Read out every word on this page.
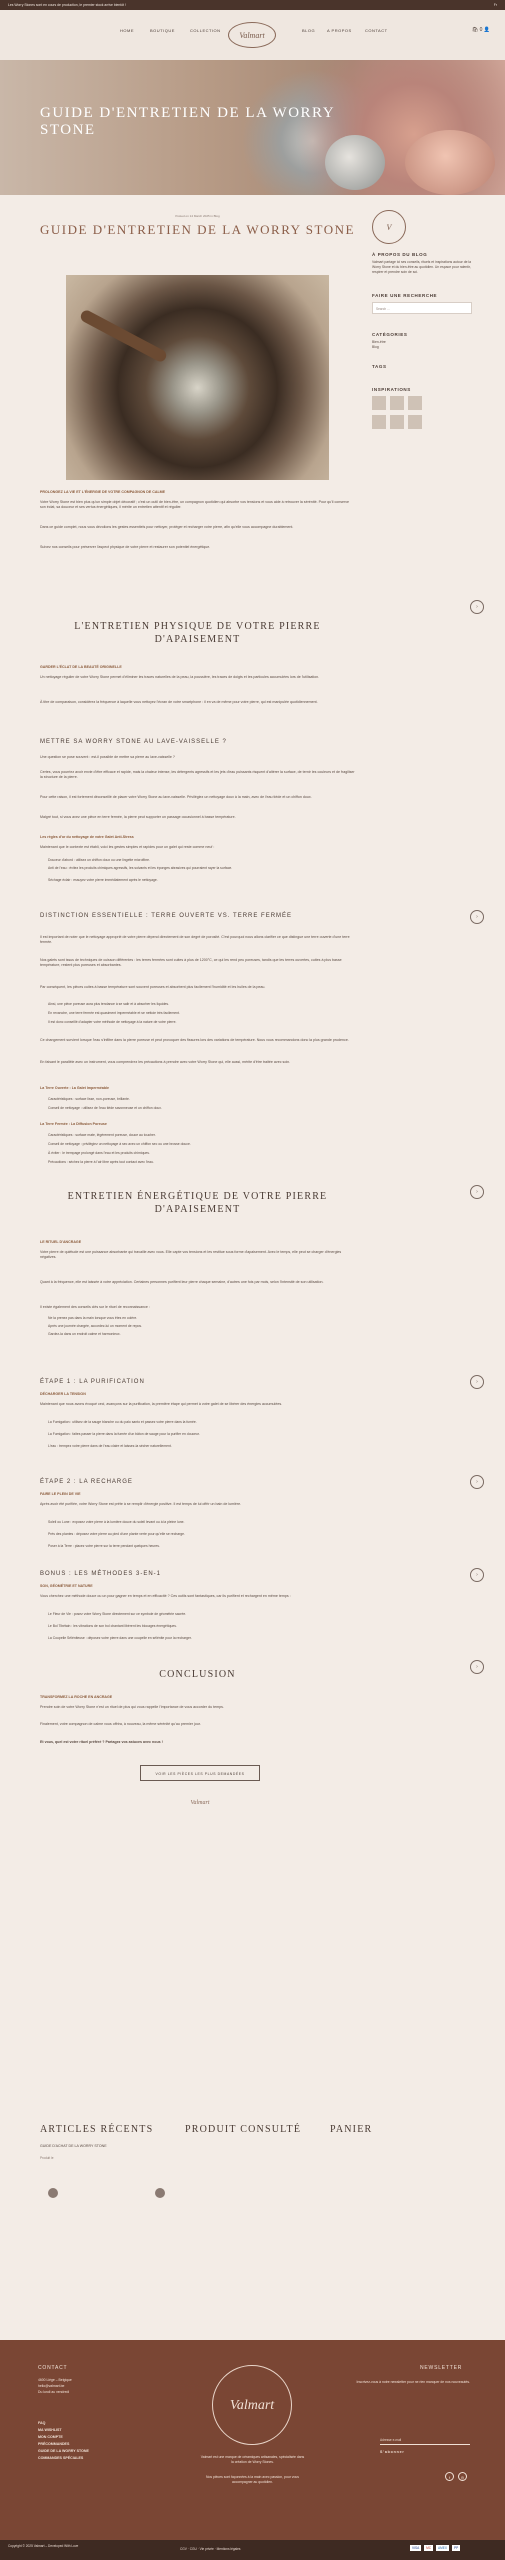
Les Worry Stones sont en cours de production, le premier stock arrive bientôt !	Fr
HOME	BOUTIQUE	COLLECTION
Valmart
BLOG	A PROPOS	CONTACT	🛍 0 👤
GUIDE D'ENTRETIEN DE LA WORRY STONE
Posted on 14 March 2025 in Blog
GUIDE D'ENTRETIEN DE LA WORRY STONE	V
À PROPOS DU BLOG
Valmart partage ici ses conseils, rituels et inspirations autour de la Worry Stone et du bien-être au quotidien. Un espace pour ralentir, respirer et prendre soin de soi.
FAIRE UNE RECHERCHE
Search ...
CATÉGORIES
Bien-être
Blog
TAGS
INSPIRATIONS

PROLONGEZ LA VIE ET L'ÉNERGIE DE VOTRE COMPAGNON DE CALME
Votre Worry Stone est bien plus qu'un simple objet décoratif ; c'est un outil de bien-être, un compagnon quotidien qui absorbe vos tensions et vous aide à retrouver la sérénité. Pour qu'il conserve son éclat, sa douceur et ses vertus énergétiques, il mérite un entretien attentif et régulier.
Dans ce guide complet, nous vous dévoilons les gestes essentiels pour nettoyer, protéger et recharger votre pierre, afin qu'elle vous accompagne durablement.
Suivez nos conseils pour préserver l'aspect physique de votre pierre et restaurer son potentiel énergétique.
›
L'ENTRETIEN PHYSIQUE DE VOTRE PIERRE D'APAISEMENT
GARDER L'ÉCLAT DE LA BEAUTÉ ORIGINELLE
Un nettoyage régulier de votre Worry Stone permet d'éliminer les traces naturelles de la peau, la poussière, les traces de doigts et les particules accumulées lors de l'utilisation.
À titre de comparaison, considérez la fréquence à laquelle vous nettoyez l'écran de votre smartphone : il en va de même pour votre pierre, qui est manipulée quotidiennement.
METTRE SA WORRY STONE AU LAVE-VAISSELLE ?
Une question se pose souvent : est-il possible de mettre sa pierre au lave-vaisselle ?
Certes, vous pourriez avoir envie d'être efficace et rapide, mais la chaleur intense, les détergents agressifs et les jets d'eau puissants risquent d'altérer la surface, de ternir les couleurs et de fragiliser la structure de la pierre.
Pour cette raison, il est fortement déconseillé de placer votre Worry Stone au lave-vaisselle. Privilégiez un nettoyage doux à la main, avec de l'eau tiède et un chiffon doux.
Malgré tout, si vous avez une pièce en terre fermée, la pierre peut supporter un passage occasionnel à basse température.
Les règles d'or du nettoyage de votre Galet Anti-Stress
Maintenant que le contexte est établi, voici les gestes simples et rapides pour un galet qui reste comme neuf :
Douceur d'abord : utilisez un chiffon doux ou une lingette microfibre.
Anti de l'eau : évitez les produits chimiques agressifs, les solvants et les éponges abrasives qui pourraient rayer la surface.
Séchage éclair : essuyez votre pierre immédiatement après le nettoyage.
›
DISTINCTION ESSENTIELLE : TERRE OUVERTE VS. TERRE FERMÉE
Il est important de noter que le nettoyage approprié de votre pierre dépend directement de son degré de porosité. C'est pourquoi nous allons clarifier ce que distingue une terre ouverte d'une terre fermée.
Nos galets sont issus de techniques de cuisson différentes : les terres fermées sont cuites à plus de 1200°C, ce qui les rend peu poreuses, tandis que les terres ouvertes, cuites à plus basse température, restent plus poreuses et absorbantes.
Par conséquent, les pièces cuites à basse température sont souvent poreuses et absorbent plus facilement l'humidité et les huiles de la peau.
Ainsi, une pièce poreuse aura plus tendance à se salir et à absorber les liquides.
En revanche, une terre fermée est quasiment imperméable et se nettoie très facilement.
Il est donc conseillé d'adapter votre méthode de nettoyage à la nature de votre pierre.
Ce changement survient lorsque l'eau s'infiltre dans la pierre poreuse et peut provoquer des fissures lors des variations de température. Nous vous recommandons donc la plus grande prudence.
En faisant le parallèle avec un instrument, vous comprendrez les précautions à prendre avec votre Worry Stone qui, elle aussi, mérite d'être traitée avec soin.
La Terre Ouverte : La Galet Imperméable
Caractéristiques : surface lisse, non-poreuse, brillante.
Conseil de nettoyage : utilisez de l'eau tiède savonneuse et un chiffon doux.
La Terre Fermée : La Diffusion Poreuse
Caractéristiques : surface mate, légèrement poreuse, douce au toucher.
Conseil de nettoyage : privilégiez un nettoyage à sec avec un chiffon sec ou une brosse douce.
À éviter : le trempage prolongé dans l'eau et les produits chimiques.
Précautions : séchez la pierre à l'air libre après tout contact avec l'eau.
›
ENTRETIEN ÉNERGÉTIQUE DE VOTRE PIERRE D'APAISEMENT
LE RITUEL D'ANCRAGE
Votre pierre de quiétude est une puissance absorbante qui travaille avec vous. Elle capte vos tensions et les restitue sous forme d'apaisement. Avec le temps, elle peut se charger d'énergies négatives.
Quant à la fréquence, elle est laissée à votre appréciation. Certaines personnes purifient leur pierre chaque semaine, d'autres une fois par mois, selon l'intensité de son utilisation.
Il existe également des conseils clés sur le rituel de reconnaissance :
Ne la prenez pas dans la main lorsque vous êtes en colère.
Après une journée chargée, accordez-lui un moment de repos.
Gardez-la dans un endroit calme et harmonieux.
›
ÉTAPE 1 : LA PURIFICATION
DÉCHARGER LA TENSION
Maintenant que nous avons évoqué ceci, avançons sur la purification, la première étape qui permet à votre galet de se libérer des énergies accumulées.
La Fumigation : utilisez de la sauge blanche ou du palo santo et passez votre pierre dans la fumée.
La Fumigation : faites passer la pierre dans la fumée d'un bâton de sauge pour la purifier en douceur.
L'eau : trempez votre pierre dans de l'eau claire et laissez-la sécher naturellement.
›
ÉTAPE 2 : LA RECHARGE
FAIRE LE PLEIN DE VIE
Après avoir été purifiée, votre Worry Stone est prête à se remplir d'énergie positive. Il est temps de lui offrir un bain de lumière.
Soleil ou Lune : exposez votre pierre à la lumière douce du soleil levant ou à la pleine lune.
Près des plantes : déposez votre pierre au pied d'une plante verte pour qu'elle se recharge.
Poser à la Terre : placez votre pierre sur la terre pendant quelques heures.
›
BONUS : LES MÉTHODES 3-EN-1
SON, GÉOMÉTRIE ET NATURE
Vous cherchez une méthode douce ou un pour gagner en temps et en efficacité ? Ces outils sont fantastiques, car ils purifient et rechargent en même temps :
Le Fleur de Vie : posez votre Worry Stone directement sur ce symbole de géométrie sacrée.
Le Bol Tibétain : les vibrations de son bol chantant libèrent les blocages énergétiques.
La Coupelle Séléniteuse : déposez votre pierre dans une coupelle en sélénite pour la recharger.
›
CONCLUSION
TRANSFORMEZ LA ROCHE EN ANCRAGE
Prendre soin de votre Worry Stone n'est un rituel de plus qui vous rappelle l'importance de vous accorder du temps.
Finalement, votre compagnon de calme vous offrira, à nouveau, la même sérénité qu'au premier jour.
Et vous, quel est votre rituel préféré ? Partagez vos astuces avec nous !
VOIR LES PIÈCES LES PLUS DEMANDÉES
Valmart
ARTICLES RÉCENTS
GUIDE D'ACHAT DE LA WORRY STONE
Produit le
PRODUIT CONSULTÉ	PANIER
CONTACT
4600 Liège – Belgique
hello@valmart.be
Du lundi au vendredi
FAQ
MA WISHLIST
MON COMPTE
PRÉCOMMANDES
GUIDE DE LA WORRY STONE
COMMANDES SPÉCIALES
Valmart
Valmart est une marque de céramiques artisanales, spécialisée dans la création de Worry Stones.
Nos pièces sont façonnées à la main avec passion, pour vous accompagner au quotidien.
NEWSLETTER
Inscrivez-vous à notre newsletter pour ne rien manquer de nos nouveautés.
Adresse e-mail
S'abonner
f	◎
Copyright © 2025 Valmart – Developed With Love
CGV · CGU · Vie privée · Mentions légales	VISA MC AMEX PP
